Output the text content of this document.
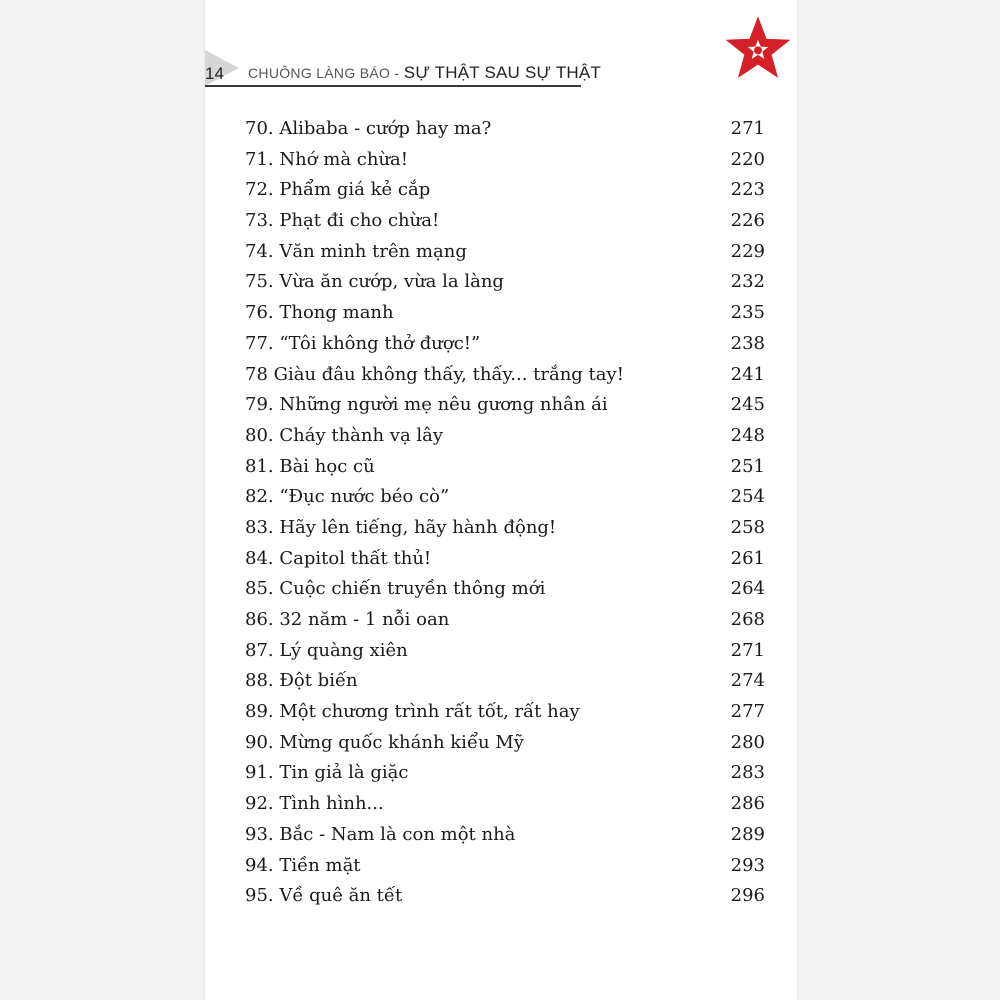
14 CHUÔNG LÀNG BÁO - SỰ THẬT SAU SỰ THẬT
70. Alibaba - cướp hay ma?	271
71. Nhớ mà chừa!	220
72. Phẩm giá kẻ cắp	223
73. Phạt đi cho chừa!	226
74. Văn minh trên mạng	229
75. Vừa ăn cướp, vừa la làng	232
76. Thong manh	235
77. “Tôi không thở được!”	238
78 Giàu đâu không thấy, thấy... trắng tay!	241
79. Những người mẹ nêu gương nhân ái	245
80. Cháy thành vạ lây	248
81. Bài học cũ	251
82. “Đục nước béo cò”	254
83. Hãy lên tiếng, hãy hành động!	258
84. Capitol thất thủ!	261
85. Cuộc chiến truyền thông mới	264
86. 32 năm - 1 nỗi oan	268
87. Lý quàng xiên	271
88. Đột biến	274
89. Một chương trình rất tốt, rất hay	277
90. Mừng quốc khánh kiểu Mỹ	280
91. Tin giả là giặc	283
92. Tình hình...	286
93. Bắc - Nam là con một nhà	289
94. Tiền mặt	293
95. Về quê ăn tết	296
